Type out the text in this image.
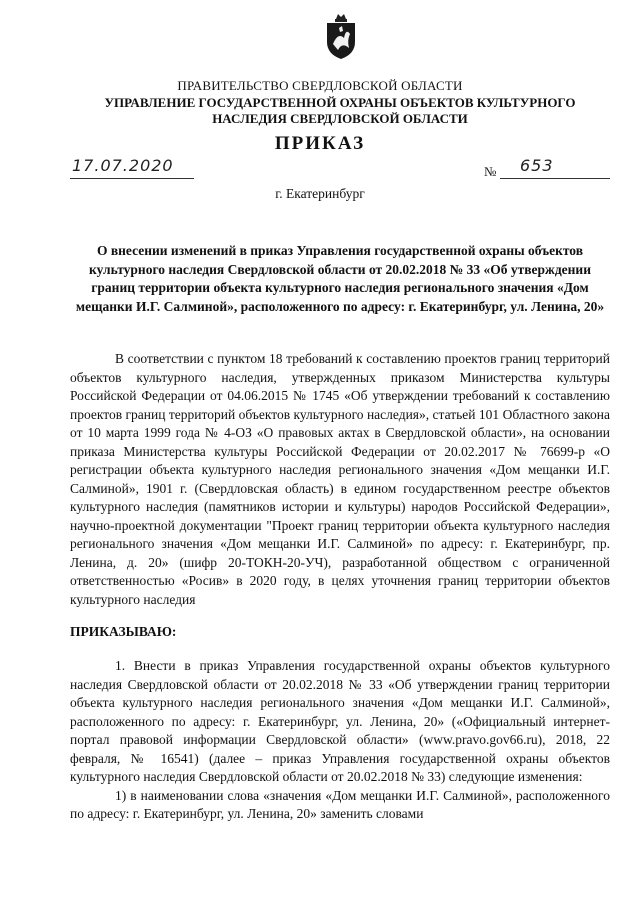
ПРАВИТЕЛЬСТВО СВЕРДЛОВСКОЙ ОБЛАСТИ
УПРАВЛЕНИЕ ГОСУДАРСТВЕННОЙ ОХРАНЫ ОБЪЕКТОВ КУЛЬТУРНОГО НАСЛЕДИЯ СВЕРДЛОВСКОЙ ОБЛАСТИ
ПРИКАЗ
17.07.2020	№ 653
г. Екатеринбург
О внесении изменений в приказ Управления государственной охраны объектов культурного наследия Свердловской области от 20.02.2018 № 33 «Об утверждении границ территории объекта культурного наследия регионального значения «Дом мещанки И.Г. Салминой», расположенного по адресу: г. Екатеринбург, ул. Ленина, 20»

В соответствии с пунктом 18 требований к составлению проектов границ территорий объектов культурного наследия, утвержденных приказом Министерства культуры Российской Федерации от 04.06.2015 № 1745 «Об утверждении требований к составлению проектов границ территорий объектов культурного наследия», статьей 101 Областного закона от 10 марта 1999 года № 4-ОЗ «О правовых актах в Свердловской области», на основании приказа Министерства культуры Российской Федерации от 20.02.2017 № 76699-р «О регистрации объекта культурного наследия регионального значения «Дом мещанки И.Г. Салминой», 1901 г. (Свердловская область) в едином государственном реестре объектов культурного наследия (памятников истории и культуры) народов Российской Федерации», научно-проектной документации "Проект границ территории объекта культурного наследия регионального значения «Дом мещанки И.Г. Салминой» по адресу: г. Екатеринбург, пр. Ленина, д. 20» (шифр 20-ТОКН-20-УЧ), разработанной обществом с ограниченной ответственностью «Росив» в 2020 году, в целях уточнения границ территории объектов культурного наследия

ПРИКАЗЫВАЮ:

1. Внести в приказ Управления государственной охраны объектов культурного наследия Свердловской области от 20.02.2018 № 33 «Об утверждении границ территории объекта культурного наследия регионального значения «Дом мещанки И.Г. Салминой», расположенного по адресу: г. Екатеринбург, ул. Ленина, 20» («Официальный интернет-портал правовой информации Свердловской области» (www.pravo.gov66.ru), 2018, 22 февраля, № 16541) (далее – приказ Управления государственной охраны объектов культурного наследия Свердловской области от 20.02.2018 № 33) следующие изменения:

1) в наименовании слова «значения «Дом мещанки И.Г. Салминой», расположенного по адресу: г. Екатеринбург, ул. Ленина, 20» заменить словами
